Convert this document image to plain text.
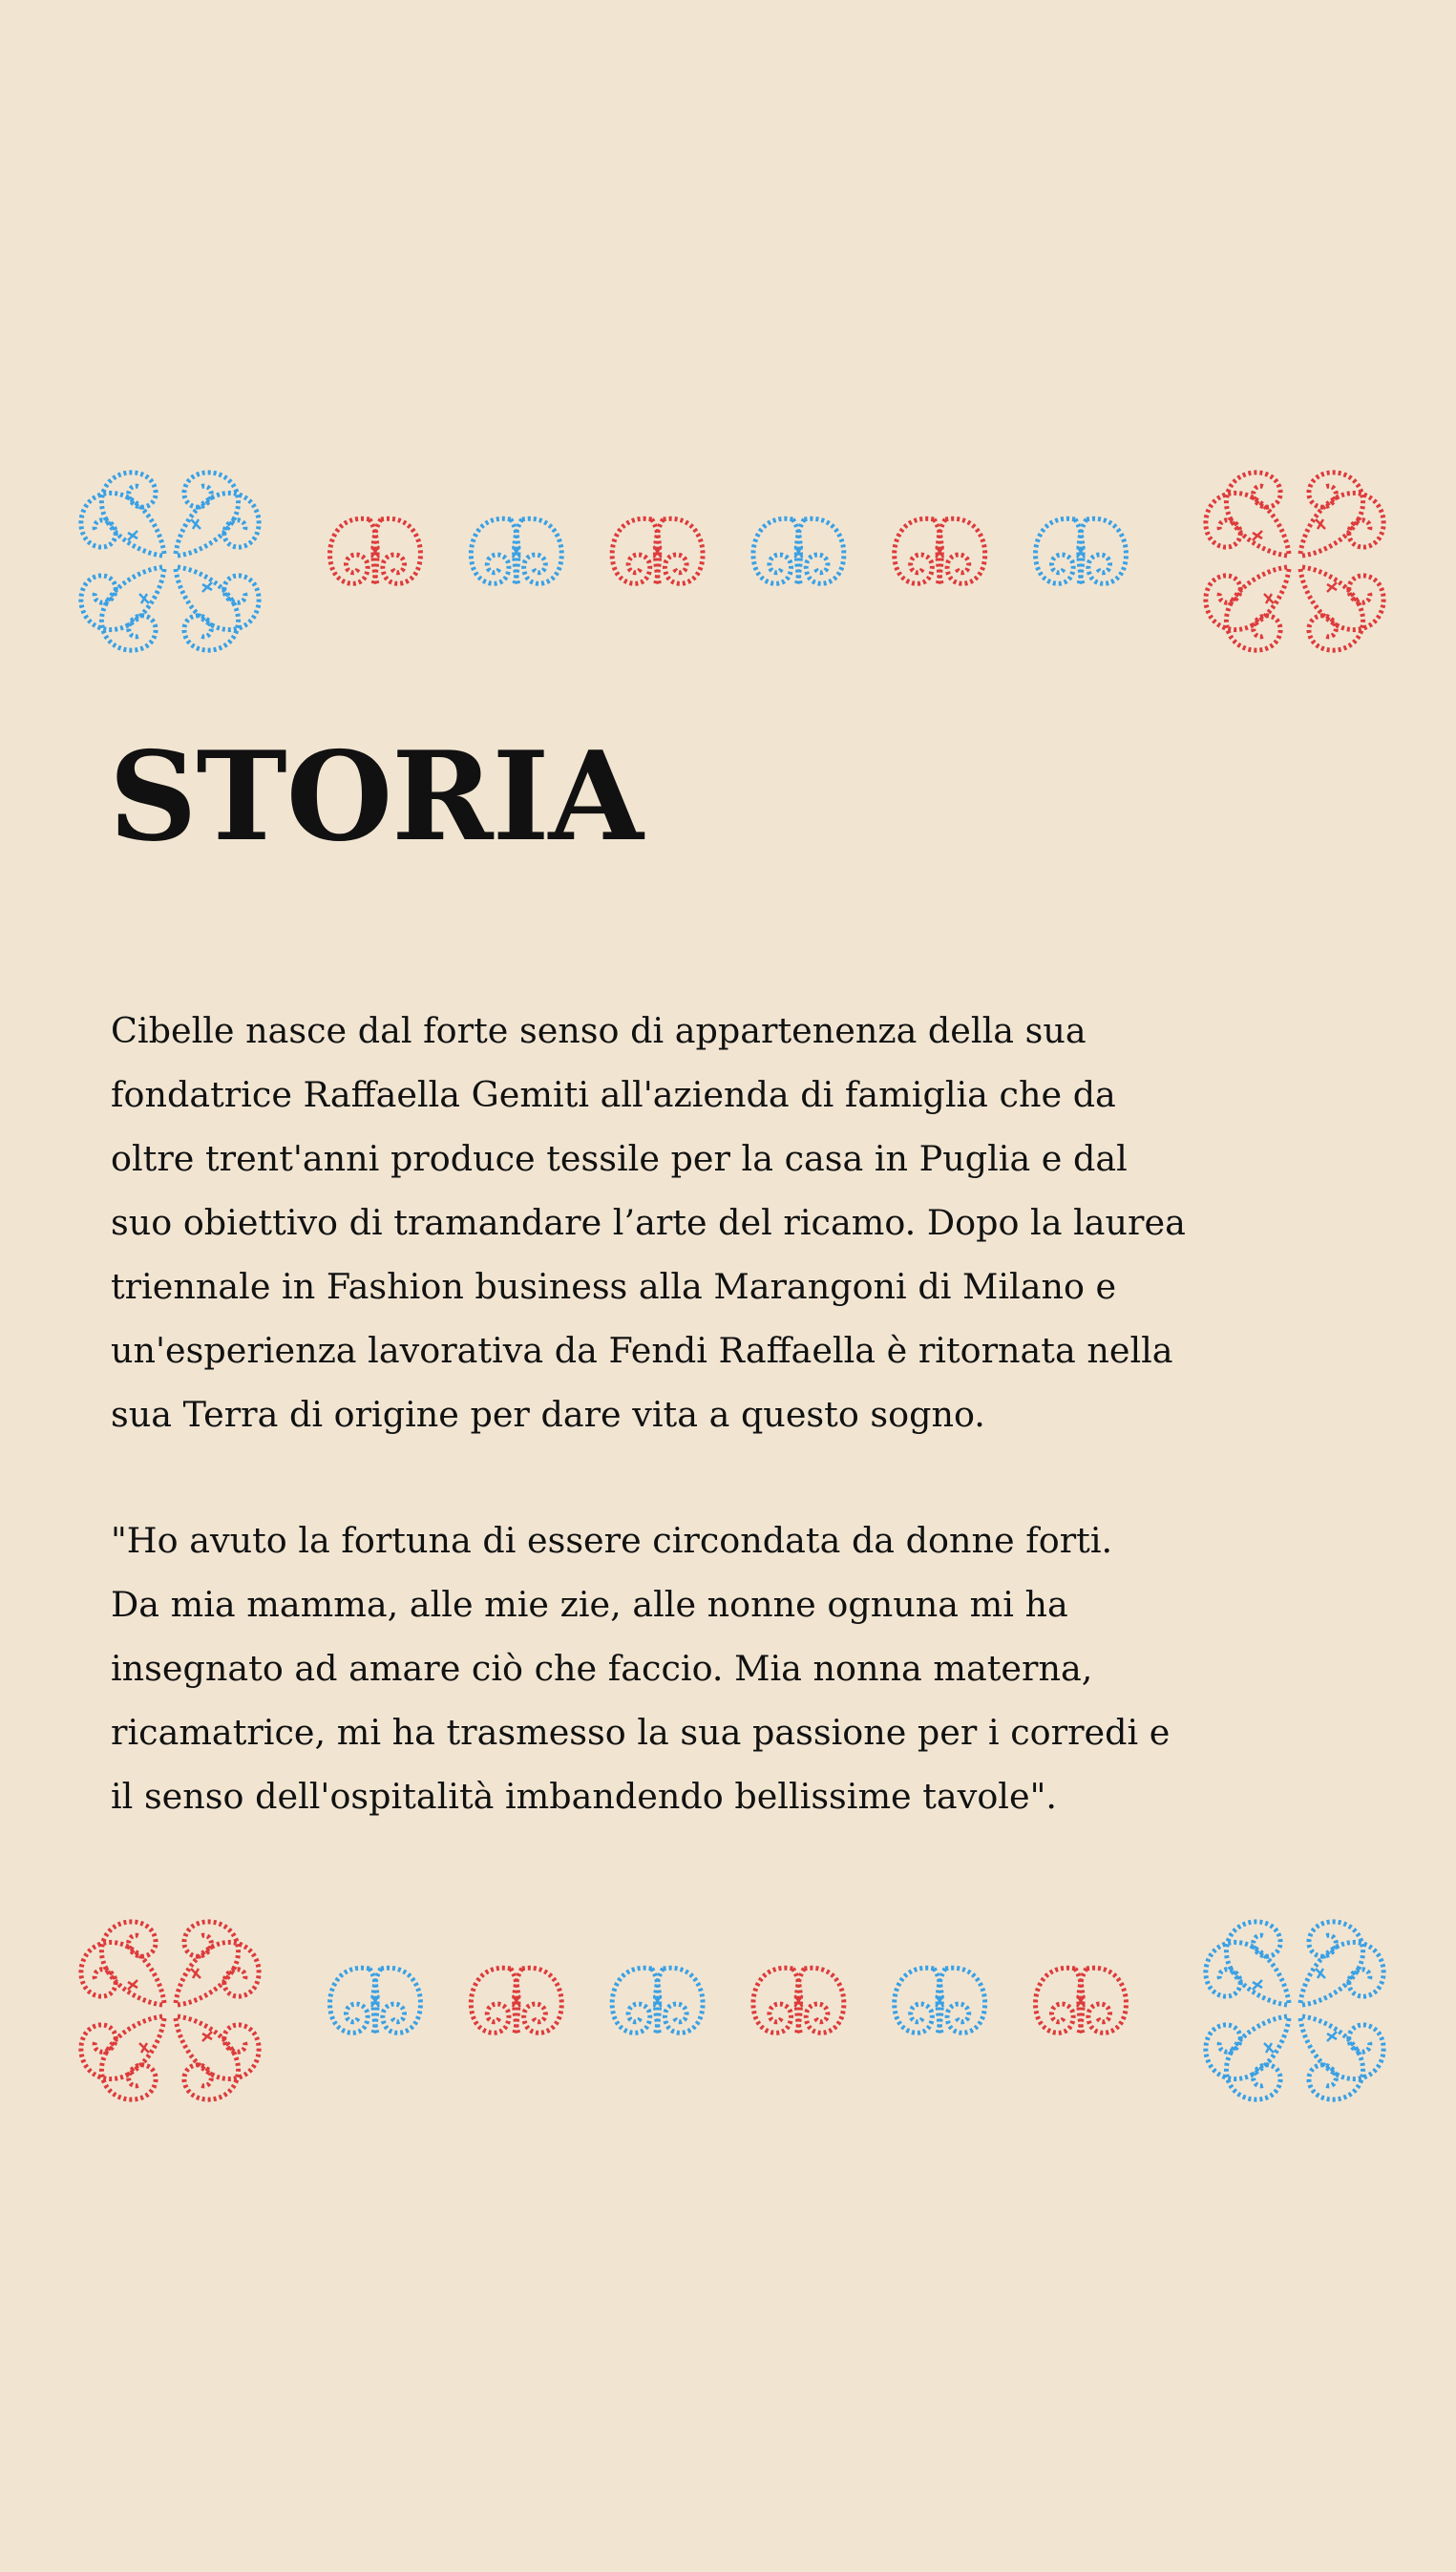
STORIA
Cibelle nasce dal forte senso di appartenenza della sua
fondatrice Raffaella Gemiti all'azienda di famiglia che da
oltre trent'anni produce tessile per la casa in Puglia e dal
suo obiettivo di tramandare l’arte del ricamo. Dopo la laurea
triennale in Fashion business alla Marangoni di Milano e
un'esperienza lavorativa da Fendi Raffaella è ritornata nella
sua Terra di origine per dare vita a questo sogno.
"Ho avuto la fortuna di essere circondata da donne forti.
Da mia mamma, alle mie zie, alle nonne ognuna mi ha
insegnato ad amare ciò che faccio. Mia nonna materna,
ricamatrice, mi ha trasmesso la sua passione per i corredi e
il senso dell'ospitalità imbandendo bellissime tavole".
